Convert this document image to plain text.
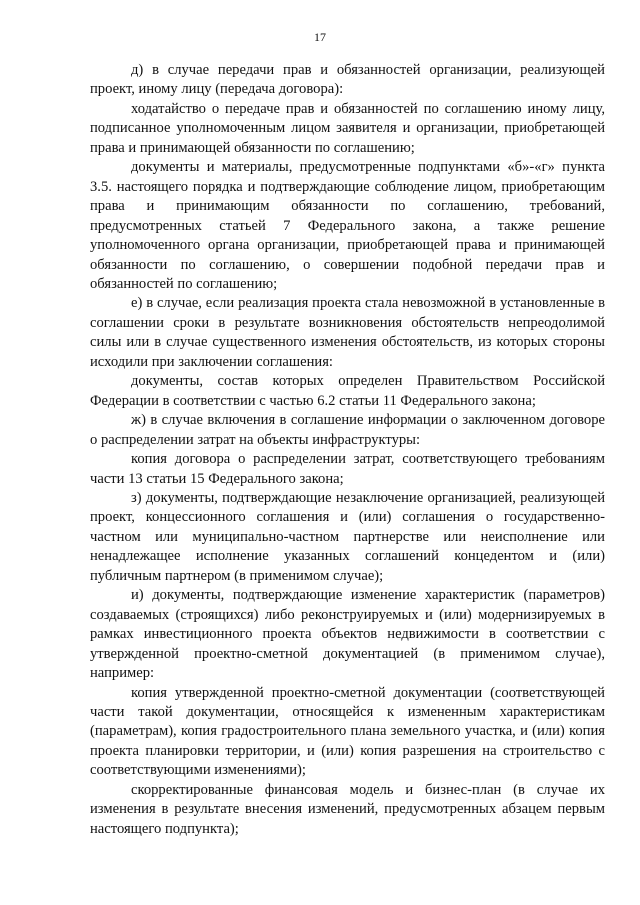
17

д) в случае передачи прав и обязанностей организации, реализующей проект, иному лицу (передача договора):

ходатайство о передаче прав и обязанностей по соглашению иному лицу, подписанное уполномоченным лицом заявителя и организации, приобретающей права и принимающей обязанности по соглашению;

документы и материалы, предусмотренные подпунктами «б»-«г» пункта 3.5. настоящего порядка и подтверждающие соблюдение лицом, приобретающим права и принимающим обязанности по соглашению, требований, предусмотренных статьей 7 Федерального закона, а также решение уполномоченного органа организации, приобретающей права и принимающей обязанности по соглашению, о совершении подобной передачи прав и обязанностей по соглашению;

е) в случае, если реализация проекта стала невозможной в установленные в соглашении сроки в результате возникновения обстоятельств непреодолимой силы или в случае существенного изменения обстоятельств, из которых стороны исходили при заключении соглашения:

документы, состав которых определен Правительством Российской Федерации в соответствии с частью 6.2 статьи 11 Федерального закона;

ж) в случае включения в соглашение информации о заключенном договоре о распределении затрат на объекты инфраструктуры:

копия договора о распределении затрат, соответствующего требованиям части 13 статьи 15 Федерального закона;

з) документы, подтверждающие незаключение организацией, реализующей проект, концессионного соглашения и (или) соглашения о государственно-частном или муниципально-частном партнерстве или неисполнение или ненадлежащее исполнение указанных соглашений концедентом и (или) публичным партнером (в применимом случае);

и) документы, подтверждающие изменение характеристик (параметров) создаваемых (строящихся) либо реконструируемых и (или) модернизируемых в рамках инвестиционного проекта объектов недвижимости в соответствии с утвержденной проектно-сметной документацией (в применимом случае), например:

копия утвержденной проектно-сметной документации (соответствующей части такой документации, относящейся к измененным характеристикам (параметрам), копия градостроительного плана земельного участка, и (или) копия проекта планировки территории, и (или) копия разрешения на строительство с соответствующими изменениями);

скорректированные финансовая модель и бизнес-план (в случае их изменения в результате внесения изменений, предусмотренных абзацем первым настоящего подпункта);
